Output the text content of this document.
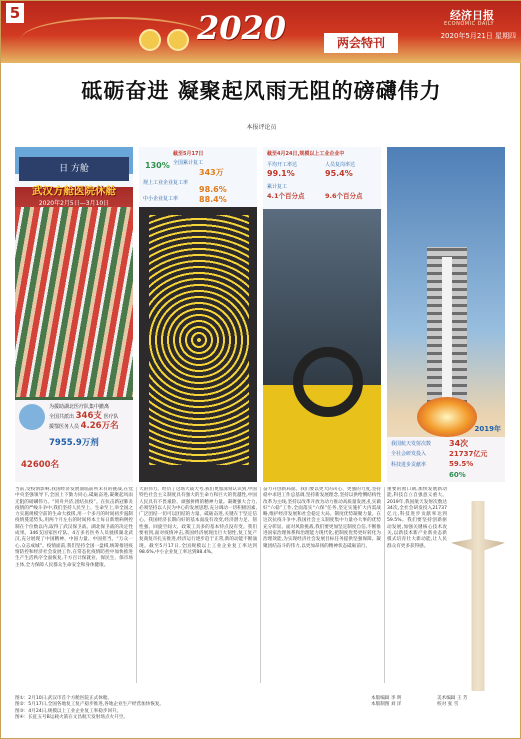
5	2020	两会特刊
经济日报
ECONOMIC DAILY
2020年5月21日 星期四
砥砺奋进 凝聚起风雨无阻的磅礴伟力
本报评论员
日 方舱
武汉方舱医院休舱
2020年2月5日—3月10日
为援助湖北医疗队集中撤离
全国共派出 346支 医疗队
援鄂医务人员 4.26万名
7955.9万剂
42600名
截至5月17日
全国累计复工
343万
规上工业企业复工率
98.6%
中小企业复工率	88.4%
130%
截至4月24日,规模以上工业企业中
平均开工率达
99.1%
人员复岗率达
95.4%
累计复工
4.1个百分点	9.6个百分点
2019年
我国航天发射次数 34次
全社会研发投入	21737亿元
科技进步贡献率	59.5%
60%
当前,受疫情影响,我国经济发展面临前所未有的挑战,在党中央坚强领导下,全国上下勠力同心,砥砺奋进,凝聚起风雨无阻的磅礴伟力。“同舟共济,团结抗疫”。在抗击新冠肺炎疫情的严峻斗争中,我们坚持人民至上、生命至上,举全国之力实施规模空前的生命大救援,用一个多月的时间初步遏制疫情蔓延势头,用两个月左右的时间将本土每日新增病例控制在个位数以内,取得了武汉保卫战、湖北保卫战的决定性成果。346支国家医疗队、4万多名医务人员驰援湖北武汉,充分展现了中国精神、中国力量、中国担当。“万众一心,众志成城”。疫情面前,我们坚持全国一盘棋,统筹推进疫情防控和经济社会发展工作,在常态化疫情防控中加快推进生产生活秩序全面恢复,千方百计保就业、保民生、保市场主体,全力保障人民群众生命安全和身体健康。
大的伟力。经历了这场大战大考,我们更加深刻认识到,中国特色社会主义制度具有强大的生命力和巨大的优越性,中国人民具有不畏艰险、顽强拼搏的精神力量。凝聚强大合力,必须坚持以人民为中心的发展思想,充分调动一切积极因素,广泛团结一切可以团结的力量。砥砺奋进,关键在于坚定信心。我国经济长期向好的基本面没有改变,经济潜力足、韧性强、回旋空间大、政策工具多的基本特点没有变。我们要看到,面对疫情冲击,我国经济展现出巨大韧性,复工复产复商复市扎实推进,经济运行逐步趋于正常,新的动能不断涌现。截至5月17日,全国规模以上工业企业复工率达到98.6%,中小企业复工率达到88.4%。
奋力开创新局面。我们要以更大的决心、更强的力度,坚持稳中求进工作总基调,坚持新发展理念,坚持以供给侧结构性改革为主线,坚持以改革开放为动力推动高质量发展,扎实做好“六稳”工作,全面落实“六保”任务,坚定实施扩大内需战略,维护经济发展和社会稳定大局。制度优势凝聚力量。在这次抗疫斗争中,我国社会主义制度集中力量办大事的优势充分彰显。面对风险挑战,我们要更加坚定制度自信,不断推进国家治理体系和治理能力现代化,把制度优势更好转化为治理效能,为实现经济社会发展目标任务提供坚强保障。凝聚团结奋斗的伟力,以更加昂扬的精神状态砥砺前行。
重要的窗口期,加快发展新动能,科技自立自强意义重大。2019年,我国航天发射次数达34次,全社会研发投入21737亿元,科技进步贡献率达到59.5%。我们要坚持创新驱动发展,加强关键核心技术攻关,以新技术新产业新业态新模式培育壮大新动能,让人民群众有更多获得感。
图①：2月10日,武汉市首个方舱医院正式休舱。
图②：5月17日,全国各地复工复产稳步推进,各地企业生产经营加快恢复。
图③：4月24日,规模以上工业企业复工率稳步回升。
图④：长征五号B运载火箭在文昌航天发射场点火升空。
本版编辑 李 明	美术编辑 王 芳
本版制图 刘 洋	校对 张 雪
